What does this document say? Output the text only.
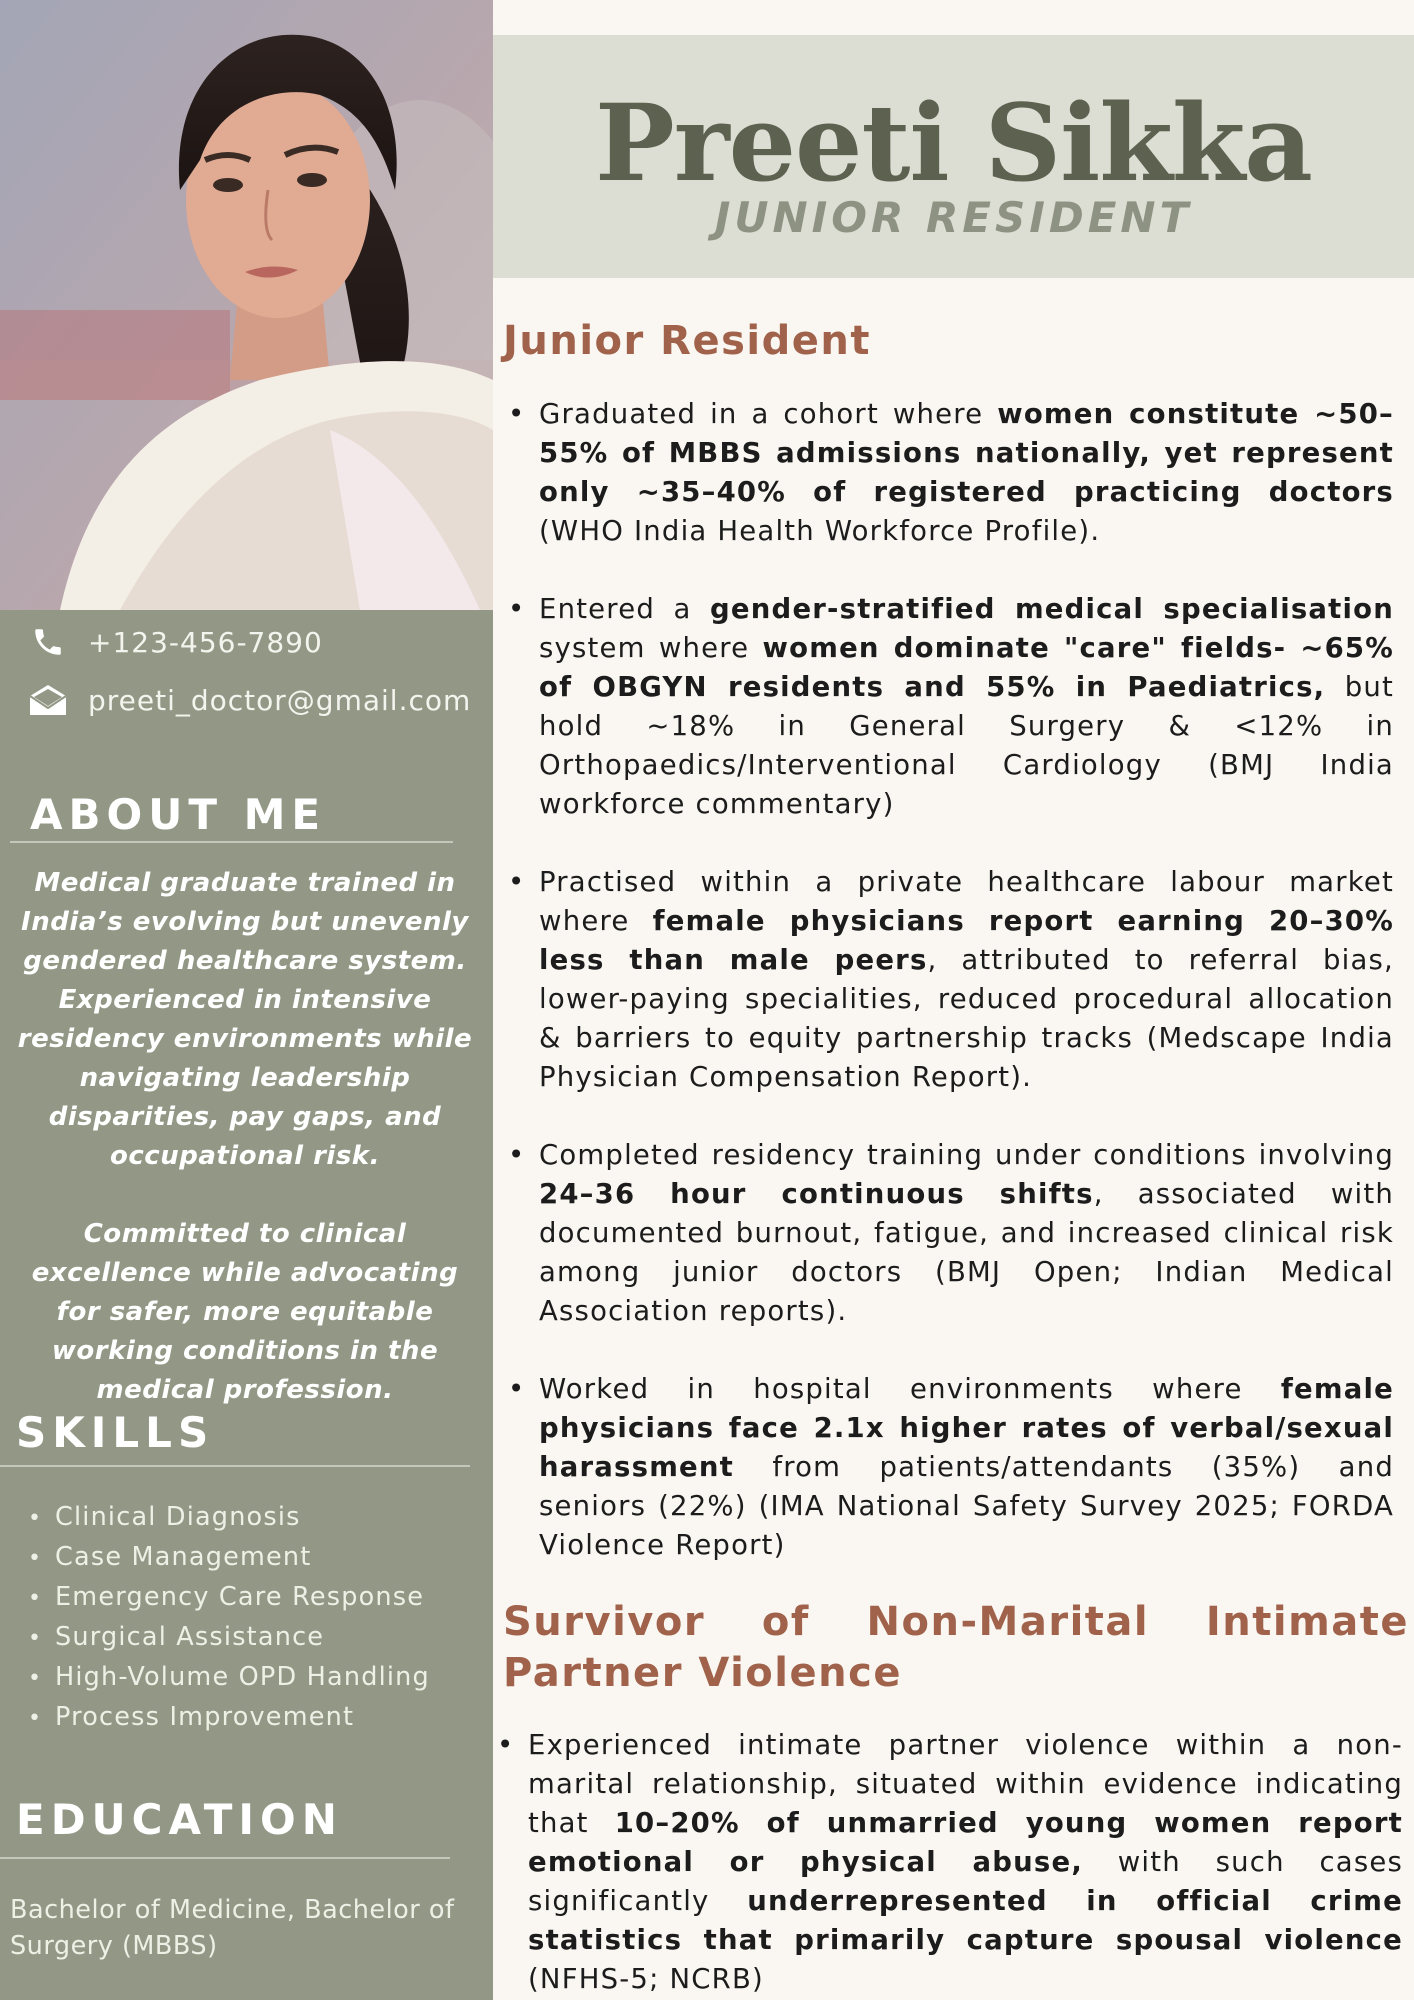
+123-456-7890
preeti_doctor@gmail.com
ABOUT ME

Medical graduate trained in India’s evolving but unevenly gendered healthcare system. Experienced in intensive residency environments while navigating leadership disparities, pay gaps, and occupational risk.

Committed to clinical excellence while advocating for safer, more equitable working conditions in the medical profession.

SKILLS
• Clinical Diagnosis
• Case Management
• Emergency Care Response
• Surgical Assistance
• High-Volume OPD Handling
• Process Improvement
EDUCATION
Bachelor of Medicine, Bachelor of Surgery (MBBS)
Preeti Sikka
JUNIOR RESIDENT
Junior Resident
• Graduated in a cohort where women constitute ~50–55% of MBBS admissions nationally, yet represent only ~35–40% of registered practicing doctors (WHO India Health Workforce Profile).
• Entered a gender-stratified medical specialisation system where women dominate "care" fields- ~65% of OBGYN residents and 55% in Paediatrics, but hold ~18% in General Surgery & <12% in Orthopaedics/Interventional Cardiology (BMJ India workforce commentary)
• Practised within a private healthcare labour market where female physicians report earning 20–30% less than male peers, attributed to referral bias, lower-paying specialities, reduced procedural allocation & barriers to equity partnership tracks (Medscape India Physician Compensation Report).
• Completed residency training under conditions involving 24–36 hour continuous shifts, associated with documented burnout, fatigue, and increased clinical risk among junior doctors (BMJ Open; Indian Medical Association reports).
• Worked in hospital environments where female physicians face 2.1x higher rates of verbal/sexual harassment from patients/attendants (35%) and seniors (22%) (IMA National Safety Survey 2025; FORDA Violence Report)
Survivor of Non-Marital Intimate Partner Violence
• Experienced intimate partner violence within a non-marital relationship, situated within evidence indicating that 10–20% of unmarried young women report emotional or physical abuse, with such cases significantly underrepresented in official crime statistics that primarily capture spousal violence (NFHS-5; NCRB)
